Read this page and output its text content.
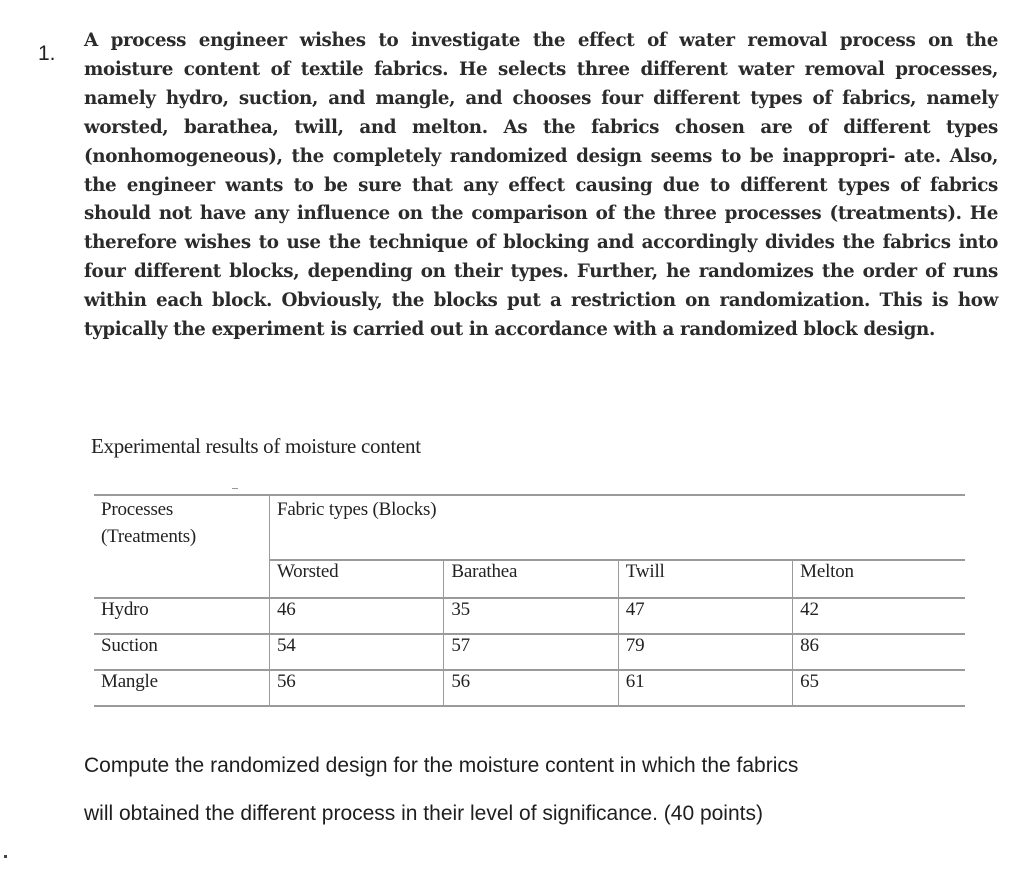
1.

A process engineer wishes to investigate the effect of water removal process on the moisture content of textile fabrics. He selects three different water removal processes, namely hydro, suction, and mangle, and chooses four different types of fabrics, namely worsted, barathea, twill, and melton. As the fabrics chosen are of different types (nonhomogeneous), the completely randomized design seems to be inappropri- ate. Also, the engineer wants to be sure that any effect causing due to different types of fabrics should not have any influence on the comparison of the three processes (treatments). He therefore wishes to use the technique of blocking and accordingly divides the fabrics into four different blocks, depending on their types. Further, he randomizes the order of runs within each block. Obviously, the blocks put a restriction on randomization. This is how typically the experiment is carried out in accordance with a randomized block design.

Experimental results of moisture content
Processes
(Treatments)	Fabric types (Blocks)			
	Worsted	Barathea	Twill	Melton
Hydro	46	35	47	42
Suction	54	57	79	86
Mangle	56	56	61	65
Compute the randomized design for the moisture content in which the fabrics
will obtained the different process in their level of significance. (40 points)
